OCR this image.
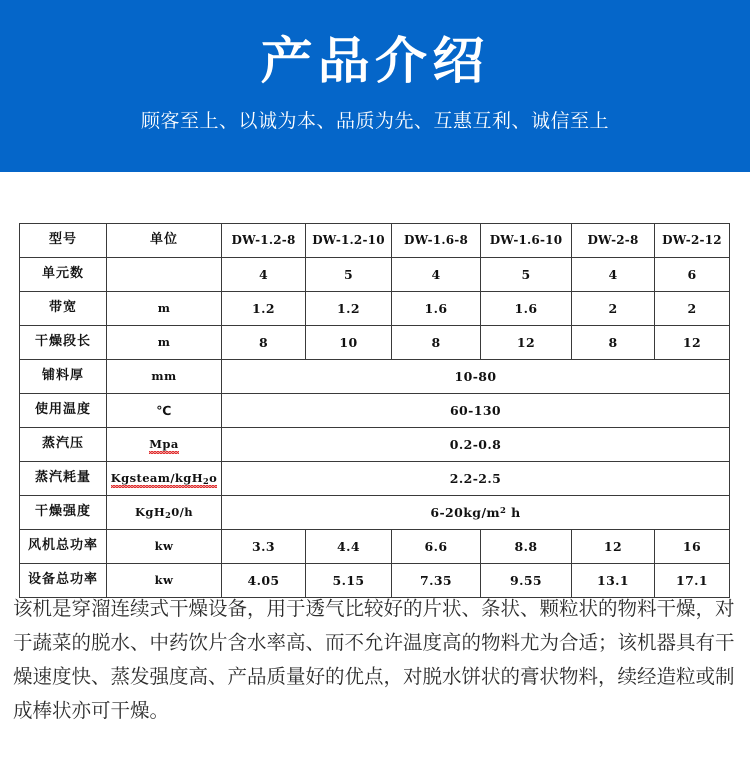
产品介绍
顾客至上、以诚为本、品质为先、互惠互利、诚信至上
型号	单位	DW-1.2-8	DW-1.2-10	DW-1.6-8	DW-1.6-10	DW-2-8	DW-2-12
单元数		4	5	4	5	4	6
带宽	m	1.2	1.2	1.6	1.6	2	2
干燥段长	m	8	10	8	12	8	12
铺料厚	mm	10-80					
使用温度	℃	60-130					
蒸汽压	Mpa	0.2-0.8					
蒸汽耗量	Kgsteam/kgH$_2$o	2.2-2.5					
干燥强度	KgH$_2$0/h	$6-20kg/m^2$ h					
风机总功率	kw	3.3	4.4	6.6	8.8	12	16
设备总功率	kw	4.05	5.15	7.35	9.55	13.1	17.1
该机是穿溜连续式干燥设备，用于透气比较好的片状、条状、颗粒状的物料干燥，对于蔬菜的脱水、中药饮片含水率高、而不允许温度高的物料尤为合适；该机器具有干燥速度快、蒸发强度高、产品质量好的优点，对脱水饼状的膏状物料，续经造粒或制成棒状亦可干燥。
